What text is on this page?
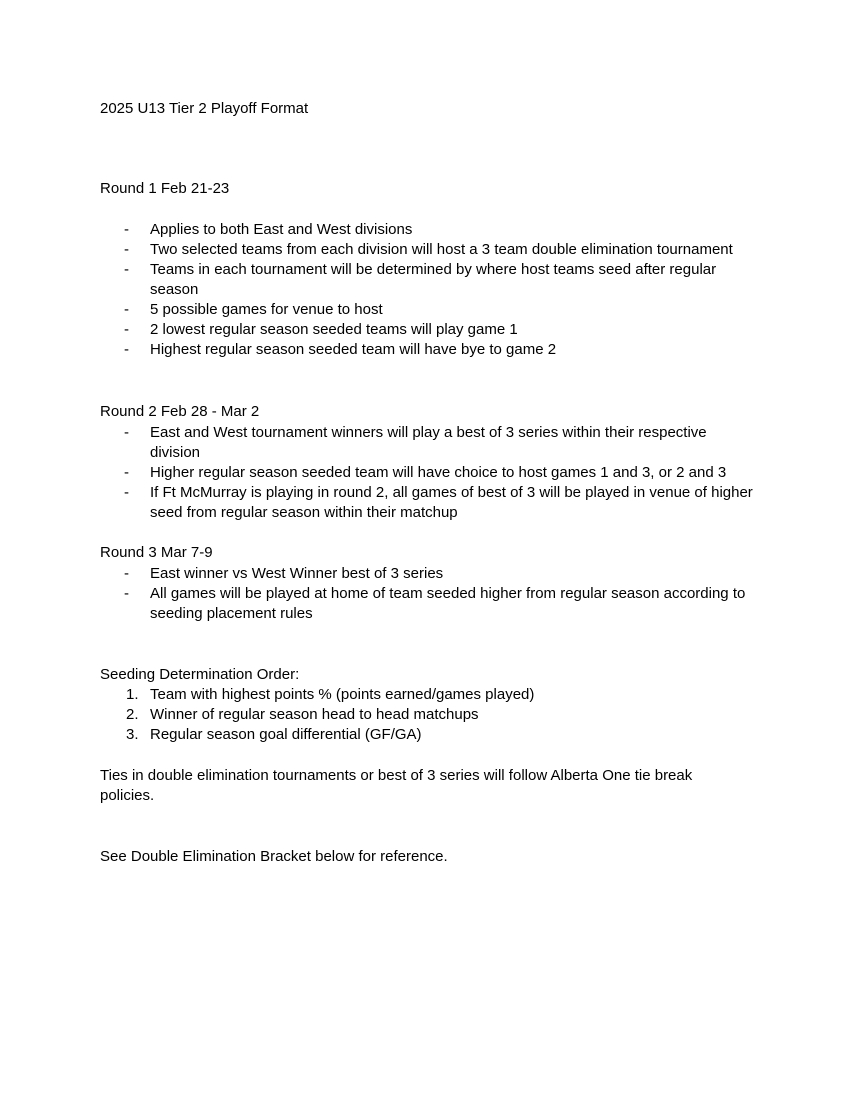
2025 U13 Tier 2 Playoff Format
Round 1 Feb 21-23
- Applies to both East and West divisions
- Two selected teams from each division will host a 3 team double elimination tournament
- Teams in each tournament will be determined by where host teams seed after regular season
- 5 possible games for venue to host
- 2 lowest regular season seeded teams will play game 1
- Highest regular season seeded team will have bye to game 2
Round 2 Feb 28 - Mar 2
- East and West tournament winners will play a best of 3 series within their respective division
- Higher regular season seeded team will have choice to host games 1 and 3, or 2 and 3
- If Ft McMurray is playing in round 2, all games of best of 3 will be played in venue of higher seed from regular season within their matchup
Round 3 Mar 7-9
- East winner vs West Winner best of 3 series
- All games will be played at home of team seeded higher from regular season according to seeding placement rules
Seeding Determination Order:
1. Team with highest points % (points earned/games played)
2. Winner of regular season head to head matchups
3. Regular season goal differential (GF/GA)
Ties in double elimination tournaments or best of 3 series will follow Alberta One tie break policies.
See Double Elimination Bracket below for reference.
